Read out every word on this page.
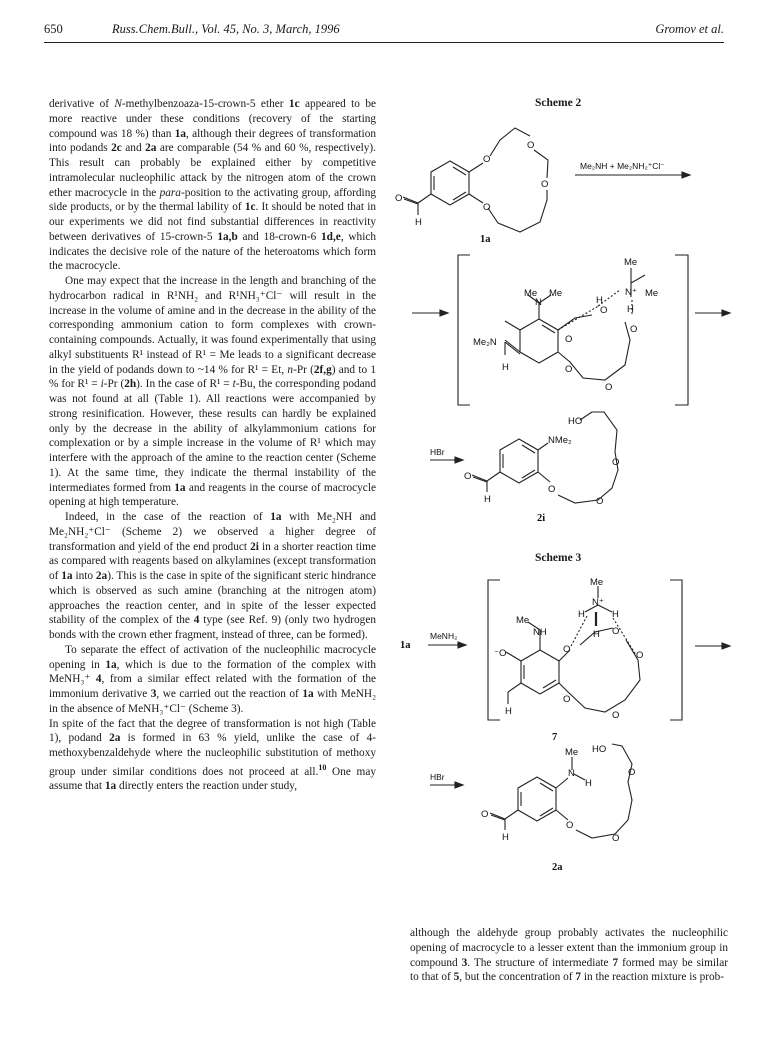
650	Russ.Chem.Bull., Vol. 45, No. 3, March, 1996	Gromov et al.

derivative of N-methylbenzoaza-15-crown-5 ether 1c appeared to be more reactive under these conditions (recovery of the starting compound was 18 %) than 1a, although their degrees of transformation into podands 2c and 2a are comparable (54 % and 60 %, respectively). This result can probably be explained either by competitive intramolecular nucleophilic attack by the nitrogen atom of the crown ether macrocycle in the para-position to the activating group, affording side products, or by the thermal lability of 1c. It should be noted that in our experiments we did not find substantial differences in reactivity between derivatives of 15-crown-5 1a,b and 18-crown-6 1d,e, which indicates the decisive role of the nature of the heteroatoms which form the macrocycle.

One may expect that the increase in the length and branching of the hydrocarbon radical in R¹NH₂ and R¹NH₃⁺Cl⁻ will result in the increase in the volume of amine and in the decrease in the ability of the corresponding ammonium cation to form complexes with crown-containing compounds. Actually, it was found experimentally that using alkyl substituents R¹ instead of R¹ = Me leads to a significant decrease in the yield of podands down to ~14 % for R¹ = Et, n-Pr (2f,g) and to 1 % for R¹ = i-Pr (2h). In the case of R¹ = t-Bu, the corresponding podand was not found at all (Table 1). All reactions were accompanied by strong resinification. However, these results can hardly be explained only by the decrease in the ability of alkylammonium cations for complexation or by a simple increase in the volume of R¹ which may interfere with the approach of the amine to the reaction center (Scheme 1). At the same time, they indicate the thermal instability of the intermediates formed from 1a and reagents in the course of macrocycle opening at high temperature.

Indeed, in the case of the reaction of 1a with Me₂NH and Me₂NH₂⁺Cl⁻ (Scheme 2) we observed a higher degree of transformation and yield of the end product 2i in a shorter reaction time as compared with reagents based on alkylamines (except transformation of 1a into 2a). This is the case in spite of the significant steric hindrance which is observed as such amine (branching at the nitrogen atom) approaches the reaction center, and in spite of the lesser expected stability of the complex of the 4 type (see Ref. 9) (only two hydrogen bonds with the crown ether fragment, instead of three, can be formed).

To separate the effect of activation of the nucleophilic macrocycle opening in 1a, which is due to the formation of the complex with MeNH₃⁺ 4, from a similar effect related with the formation of the immonium derivative 3, we carried out the reaction of 1a with MeNH₂ in the absence of MeNH₃⁺Cl⁻ (Scheme 3).

In spite of the fact that the degree of transformation is not high (Table 1), podand 2a is formed in 63 % yield, unlike the case of 4-methoxybenzaldehyde where the nucleophilic substitution of methoxy group under similar conditions does not proceed at all.$^{10}$ One may assume that 1a directly enters the reaction under study,

although the aldehyde group probably activates the nucleophilic opening of macrocycle to a lesser extent than the immonium group in compound 3. The structure of intermediate 7 formed may be similar to that of 5, but the concentration of 7 in the reaction mixture is prob-

Scheme 2
Scheme 3
O
O
O
O
O
H
1a
Me₂NH + Me₂NH₂⁺Cl⁻
Me₂N
H
Me
N
Me
O
O
H
Me
N⁺ Me
H
O
O
O
HBr
NMe₂
HO
O
O
O
O
H
2i
1a
MeNH₂
⁻O
H
Me
NH
O
Me
N⁺
H	H
H O
O
O
O
7
HBr
Me HO
N
H
O
O
O
O
H
2a
